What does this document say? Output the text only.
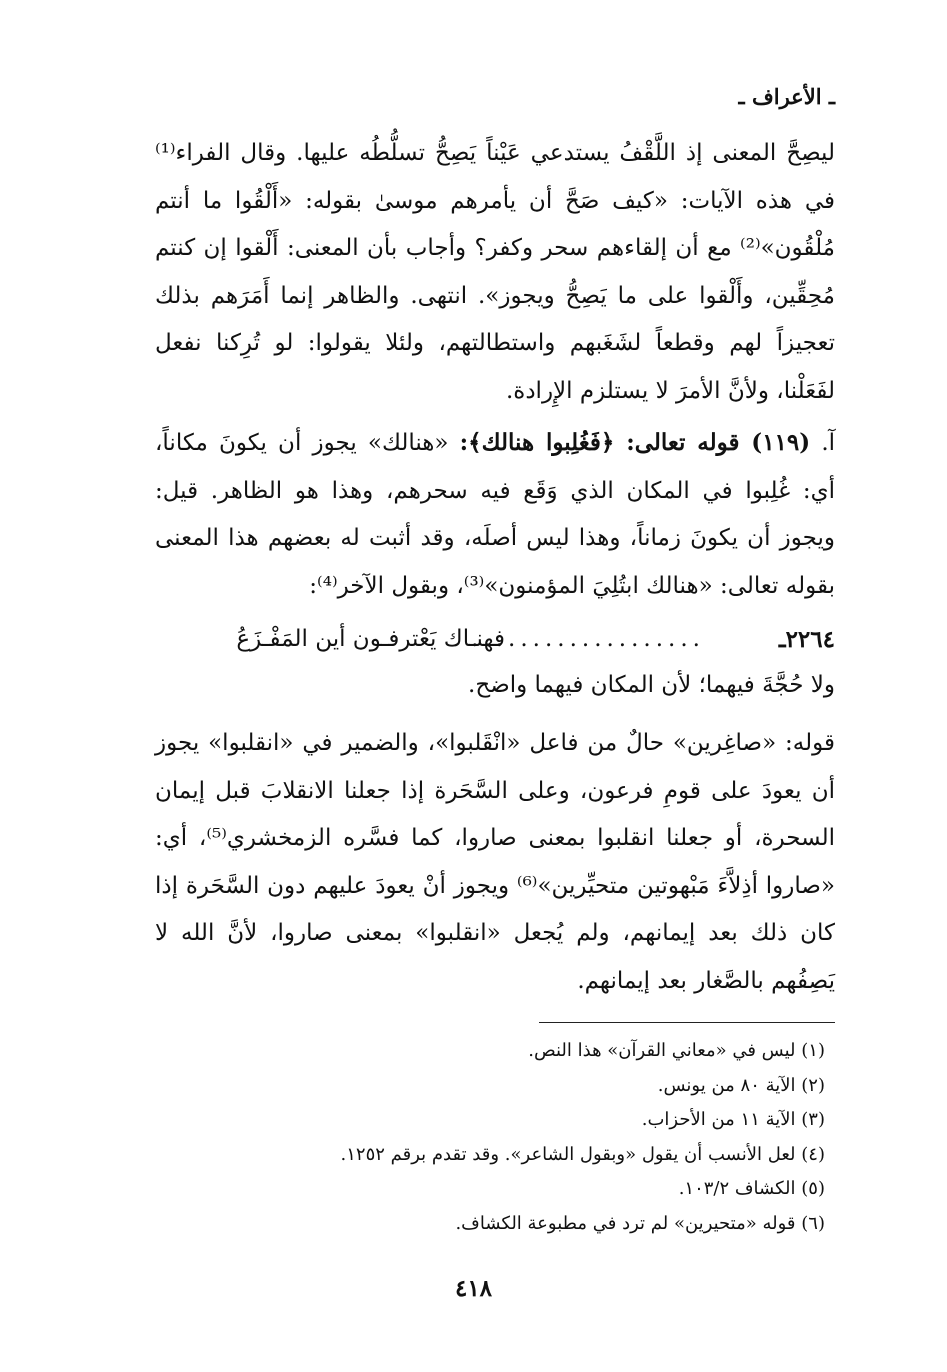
ـ الأعراف ـ
ليصِحَّ المعنى إذ اللَّقْفُ يستدعي عَيْناً يَصِحُّ تسلُّطُه عليها. وقال الفراء⁽¹⁾ في هذه الآيات: «كيف صَحَّ أن يأمرهم موسىٰ بقوله: «أَلْقُوا ما أنتم مُلْقُون»⁽²⁾ مع أن إلقاءهم سحر وكفر؟ وأجاب بأن المعنى: أَلْقوا إن كنتم مُحِقِّين، وأَلْقوا على ما يَصِحُّ ويجوز». انتهى. والظاهر إنما أَمَرَهم بذلك تعجيزاً لهم وقطعاً لشَغَبهم واستطالتهم، ولئلا يقولوا: لو تُرِكنا نفعل لفَعَلْنا، ولأنَّ الأمرَ لا يستلزم الإِرادة.
آ. (١١٩) قوله تعالى: ﴿فَغُلِبوا هنالك﴾: «هنالك» يجوز أن يكونَ مكاناً، أي: غُلِبوا في المكان الذي وَقَع فيه سحرهم، وهذا هو الظاهر. قيل: ويجوز أن يكونَ زماناً، وهذا ليس أصلَه، وقد أثبت له بعضهم هذا المعنى بقوله تعالى: «هنالك ابتُلِيَ المؤمنون»⁽³⁾، وبقول الآخر⁽⁴⁾:
٢٢٦٤ـ
...................
فهنـاك يَعْترفـون أين المَفْـزَعُ
ولا حُجَّةَ فيهما؛ لأن المكان فيهما واضح.
قوله: «صاغِرين» حالٌ من فاعل «انْقَلبوا»، والضمير في «انقلبوا» يجوز أن يعودَ على قومِ فرعون، وعلى السَّحَرة إذا جعلنا الانقلابَ قبل إيمان السحرة، أو جعلنا انقلبوا بمعنى صاروا، كما فسَّره الزمخشري⁽⁵⁾، أي: «صاروا أذِلاَّءَ مَبْهوتين متحيِّرين»⁽⁶⁾ ويجوز أنْ يعودَ عليهم دون السَّحَرة إذا كان ذلك بعد إيمانهم، ولم يُجعل «انقلبوا» بمعنى صاروا، لأنَّ الله لا يَصِفُهم بالصَّغار بعد إيمانهم.
(١) ليس في «معاني القرآن» هذا النص.
(٢) الآية ٨٠ من يونس.
(٣) الآية ١١ من الأحزاب.
(٤) لعل الأنسب أن يقول «وبقول الشاعر». وقد تقدم برقم ١٢٥٢.
(٥) الكشاف ١٠٣/٢.
(٦) قوله «متحيرين» لم ترد في مطبوعة الكشاف.
٤١٨
